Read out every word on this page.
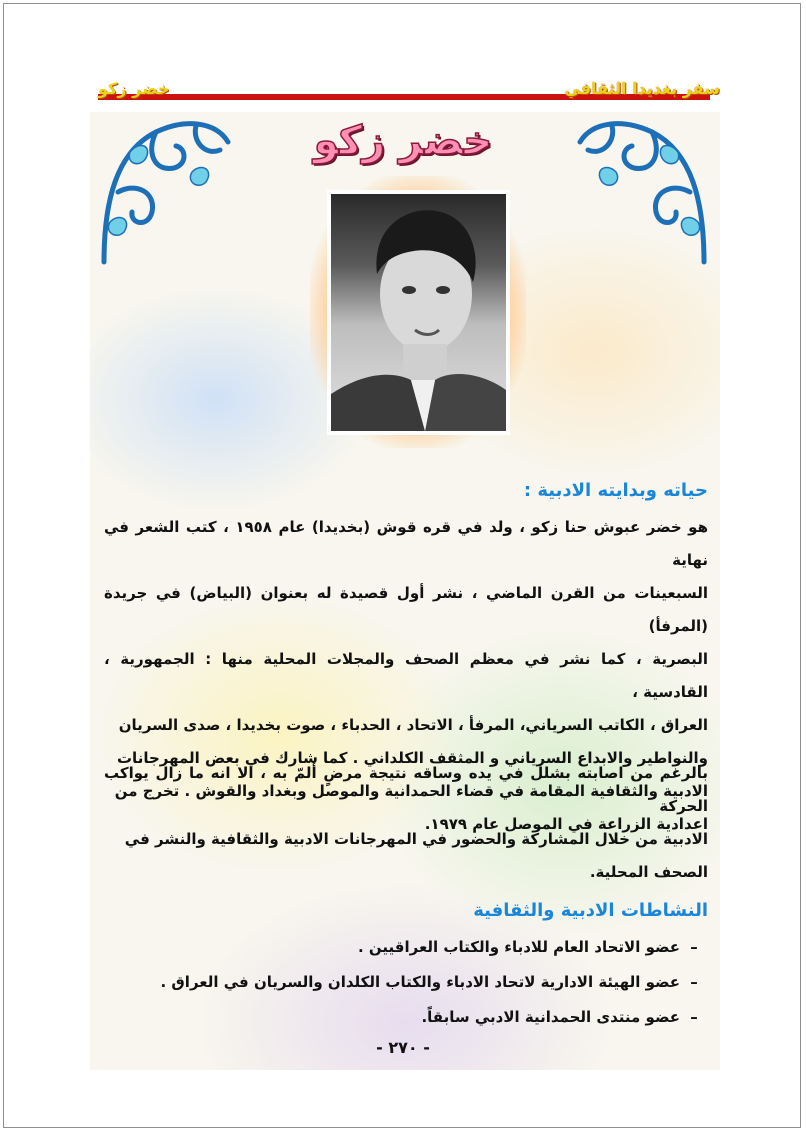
سفر بغديدا الثقافي
خضر زكو
خضر زكو
حياته وبدايته الادبية :

هو خضر عبوش حنا زكو ، ولد في قره قوش (بخديدا) عام ١٩٥٨ ، كتب الشعر في نهاية

السبعينات من القرن الماضي ، نشر أول قصيدة له بعنوان (البياض) في جريدة (المرفأ)

البصرية ، كما نشر في معظم الصحف والمجلات المحلية منها : الجمهورية ، القادسية ،

العراق ، الكاتب السرياني، المرفأ ، الاتحاد ، الحدباء ، صوت بخديدا ، صدى السريان

والنواطير والابداع السرياني و المثقف الكلداني . كما شارك في بعض المهرجانات

الادبية والثقافية المقامة في قضاء الحمدانية والموصل وبغداد والقوش . تخرج من

اعدادية الزراعة في الموصل عام ١٩٧٩.

بالرغم من اصابته بشلل في يده وساقه نتيجة مرضٍ ألمّ به ، الا انه ما زال يواكب الحركة

الادبية من خلال المشاركة والحضور في المهرجانات الادبية والثقافية والنشر في

الصحف المحلية.

النشاطات الادبية والثقافية
–عضو الاتحاد العام للادباء والكتاب العراقيين .
–عضو الهيئة الادارية لاتحاد الادباء والكتاب الكلدان والسريان في العراق .
–عضو منتدى الحمدانية الادبي سابقاً.
- ٢٧٠ -
